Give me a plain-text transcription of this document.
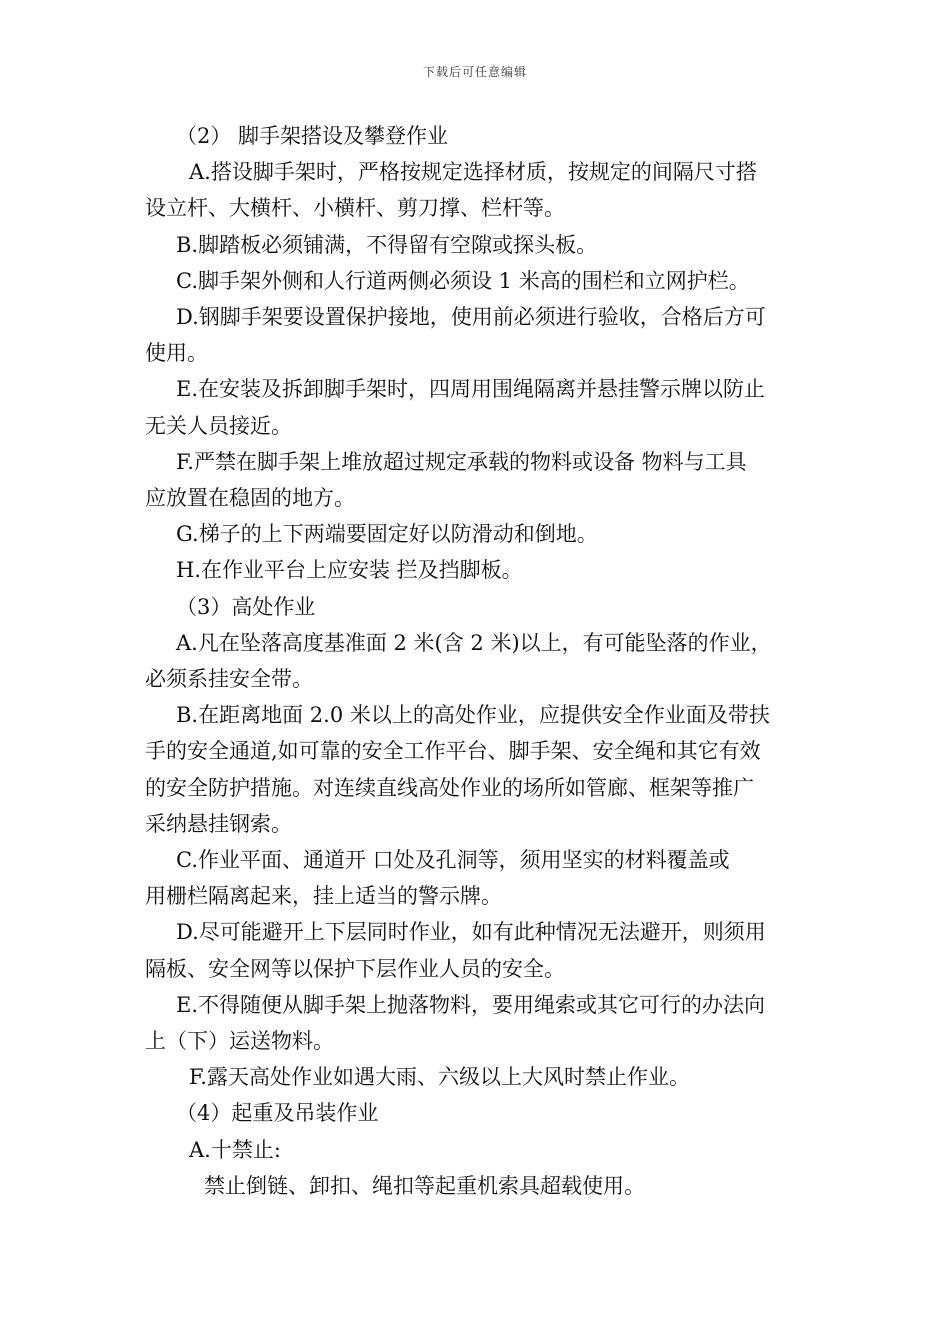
下载后可任意编辑
（2） 脚手架搭设及攀登作业
A.搭设脚手架时，严格按规定选择材质，按规定的间隔尺寸搭
设立杆、大横杆、小横杆、剪刀撑、栏杆等。
B.脚踏板必须铺满，不得留有空隙或探头板。
C.脚手架外侧和人行道两侧必须设 1 米高的围栏和立网护栏。
D.钢脚手架要设置保护接地，使用前必须进行验收，合格后方可
使用。
E.在安装及拆卸脚手架时，四周用围绳隔离并悬挂警示牌以防止
无关人员接近。
F.严禁在脚手架上堆放超过规定承载的物料或设备 物料与工具
应放置在稳固的地方。
G.梯子的上下两端要固定好以防滑动和倒地。
H.在作业平台上应安装 拦及挡脚板。
（3）高处作业
A.凡在坠落高度基准面 2 米(含 2 米)以上，有可能坠落的作业，
必须系挂安全带。
B.在距离地面 2.0 米以上的高处作业，应提供安全作业面及带扶
手的安全通道,如可靠的安全工作平台、脚手架、安全绳和其它有效
的安全防护措施。对连续直线高处作业的场所如管廊、框架等推广
采纳悬挂钢索。
C.作业平面、通道开 口处及孔洞等，须用坚实的材料覆盖或
用栅栏隔离起来，挂上适当的警示牌。
D.尽可能避开上下层同时作业，如有此种情况无法避开，则须用
隔板、安全网等以保护下层作业人员的安全。
E.不得随便从脚手架上抛落物料，要用绳索或其它可行的办法向
上（下）运送物料。
F.露天高处作业如遇大雨、六级以上大风时禁止作业。
（4）起重及吊装作业
A.十禁止:
禁止倒链、卸扣、绳扣等起重机索具超载使用。
